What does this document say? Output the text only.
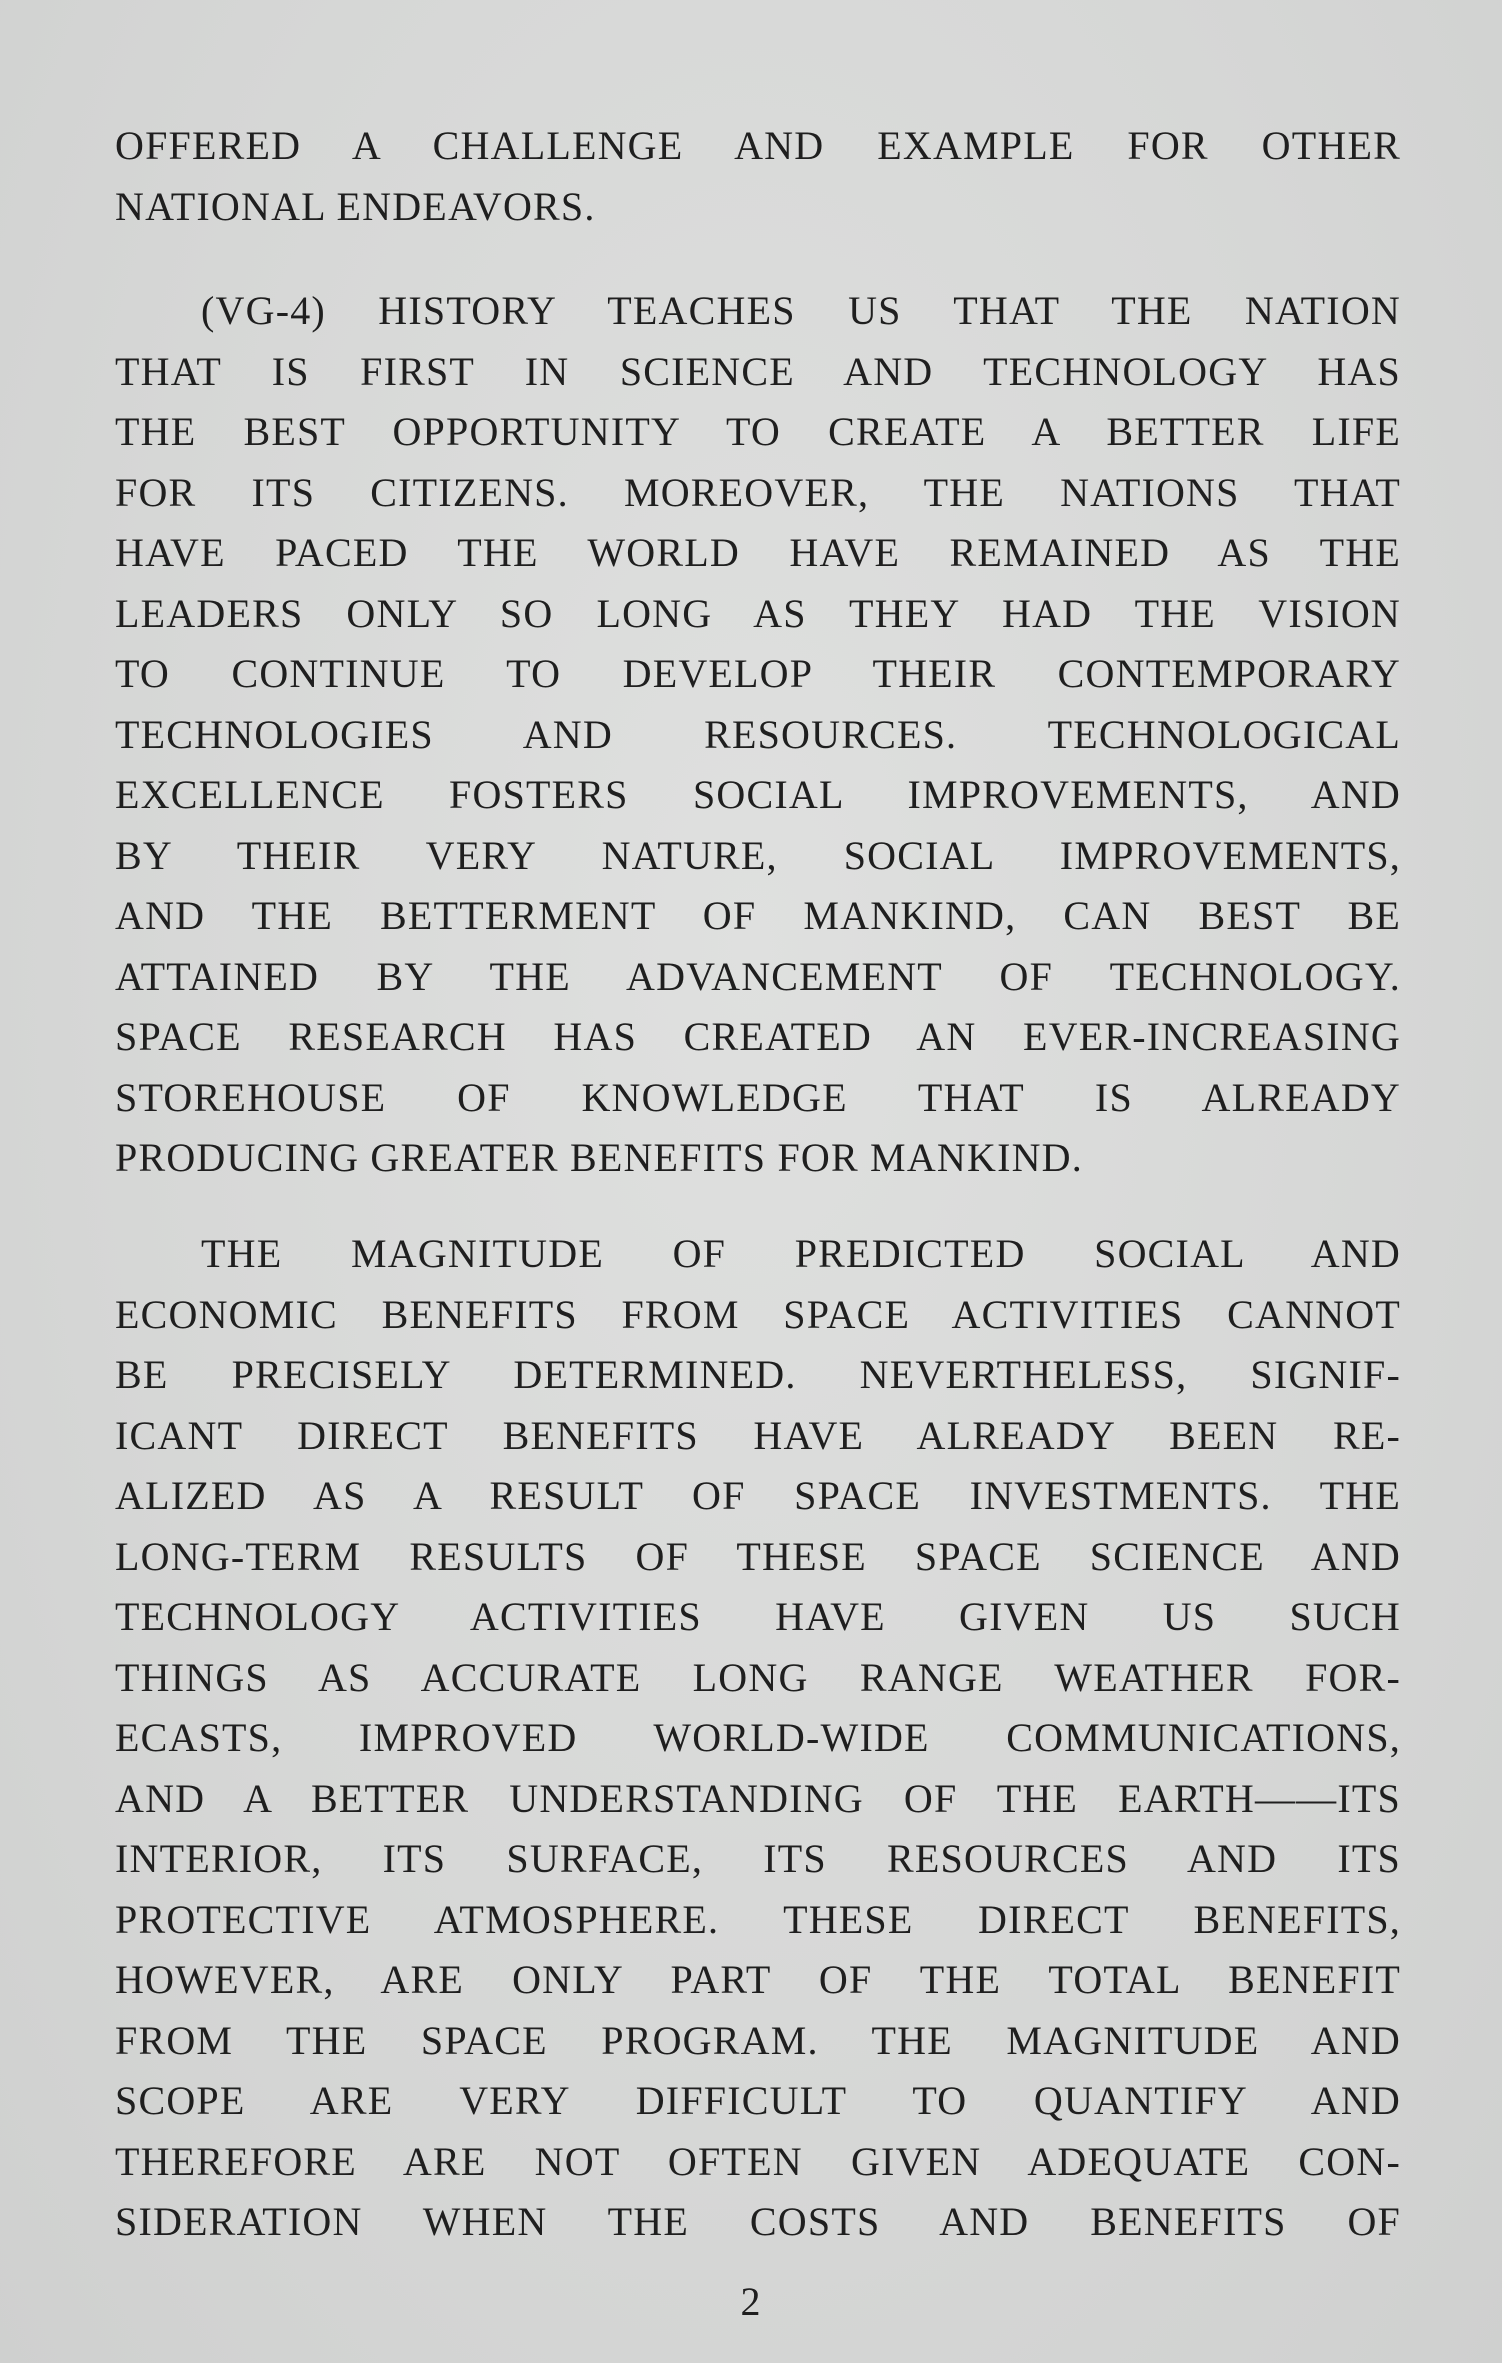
OFFERED A CHALLENGE AND EXAMPLE FOR OTHER
NATIONAL ENDEAVORS.
(VG-4) HISTORY TEACHES US THAT THE NATION
THAT IS FIRST IN SCIENCE AND TECHNOLOGY HAS
THE BEST OPPORTUNITY TO CREATE A BETTER LIFE
FOR ITS CITIZENS. MOREOVER, THE NATIONS THAT
HAVE PACED THE WORLD HAVE REMAINED AS THE
LEADERS ONLY SO LONG AS THEY HAD THE VISION
TO CONTINUE TO DEVELOP THEIR CONTEMPORARY
TECHNOLOGIES AND RESOURCES. TECHNOLOGICAL
EXCELLENCE FOSTERS SOCIAL IMPROVEMENTS, AND
BY THEIR VERY NATURE, SOCIAL IMPROVEMENTS,
AND THE BETTERMENT OF MANKIND, CAN BEST BE
ATTAINED BY THE ADVANCEMENT OF TECHNOLOGY.
SPACE RESEARCH HAS CREATED AN EVER-INCREASING
STOREHOUSE OF KNOWLEDGE THAT IS ALREADY
PRODUCING GREATER BENEFITS FOR MANKIND.
THE MAGNITUDE OF PREDICTED SOCIAL AND
ECONOMIC BENEFITS FROM SPACE ACTIVITIES CANNOT
BE PRECISELY DETERMINED. NEVERTHELESS, SIGNIF-
ICANT DIRECT BENEFITS HAVE ALREADY BEEN RE-
ALIZED AS A RESULT OF SPACE INVESTMENTS. THE
LONG-TERM RESULTS OF THESE SPACE SCIENCE AND
TECHNOLOGY ACTIVITIES HAVE GIVEN US SUCH
THINGS AS ACCURATE LONG RANGE WEATHER FOR-
ECASTS, IMPROVED WORLD-WIDE COMMUNICATIONS,
AND A BETTER UNDERSTANDING OF THE EARTH——ITS
INTERIOR, ITS SURFACE, ITS RESOURCES AND ITS
PROTECTIVE ATMOSPHERE. THESE DIRECT BENEFITS,
HOWEVER, ARE ONLY PART OF THE TOTAL BENEFIT
FROM THE SPACE PROGRAM. THE MAGNITUDE AND
SCOPE ARE VERY DIFFICULT TO QUANTIFY AND
THEREFORE ARE NOT OFTEN GIVEN ADEQUATE CON-
SIDERATION WHEN THE COSTS AND BENEFITS OF
2
